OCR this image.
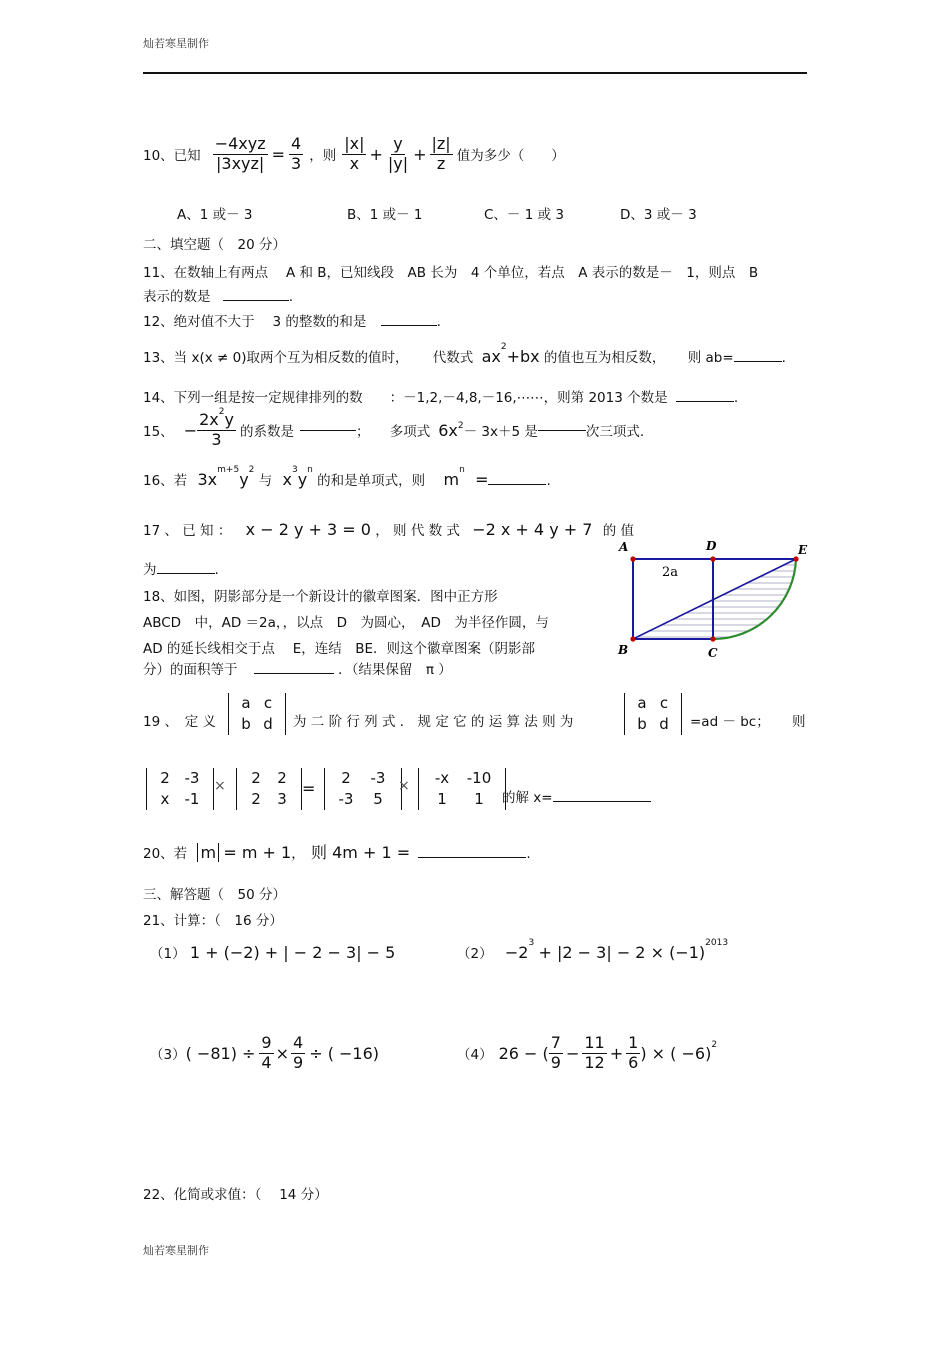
灿若寒星制作
10、已知 $\frac{\text{−4xyz}}{\text{|3xyz|}} = \frac{4}{3}$ ，则 $\frac{|x|}{x} + \frac{y}{|y|} + \frac{|z|}{z}$ 值为多少（　　）
A、1 或－ 3	B、1 或－ 1	C、－ 1 或 3	D、3 或－ 3
二、填空题（　20 分）
11、在数轴上有两点　 A 和 B，已知线段　AB 长为　4 个单位，若点　A 表示的数是－　1，则点　B
表示的数是	.
12、绝对值不大于　 3 的整数的和是	.
13、当 x(x ≠ 0)取两个互为相反数的值时， 代数式 $ax^2+bx$ 的值也互为相反数， 则 ab=	.
14、下列一组是按一定规律排列的数　　：－1,2,－4,8,－16,⋯⋯，则第 2013 个数是	.
15、 − $\frac{2x^2y}{3}$ 的系数是	；　　多项式 6x 2 － 3x＋5 是	次三项式.
16、若 $3x^{m+5}y^2$ 与 $x^3y^n$ 的和是单项式，则 $m^n$ =	.
17 、 已 知 ： x − 2 y + 3 = 0 ， 则 代 数 式 −2 x + 4 y + 7 的 值
为	.
18、如图，阴影部分是一个新设计的徽章图案．图中正方形
ABCD　中，AD ＝2a，，以点　D　为圆心，　AD　为半径作圆，与
AD 的延长线相交于点　 E，连结　BE．则这个徽章图案（阴影部
分）的面积等于	．（结果保留　π ）
A	D	E
B	C
2a
19 、　定 义
a c
b d	为 二 阶 行 列 式 ． 规 定 它 的 运 算 法 则 为
a c
b d	=ad － bc； 则
2 -3
x	-1
×	2	2
2	3
=
2	-3
-3	5
×	-x	-10
1	1	的解 x=
20、若 m = m + 1， 则 4m + 1 =	.
三、解答题（　50 分）
21、计算：（　16 分）
（1） 1 + (−2) + | − 2 − 3| − 5	$(2) -2^3 + |2 - 3| - 2 \times (-1)^{2013}$
（3） ( $-81) \div \frac{9}{4} \times \frac{4}{9}$ ÷ ( −16)	（4） 26 − ( $\frac{7}{9} - \frac{11}{12} + \frac{1}{6}$ ) × ( −6) 2
22、化简或求值：（　 14 分）
灿若寒星制作
